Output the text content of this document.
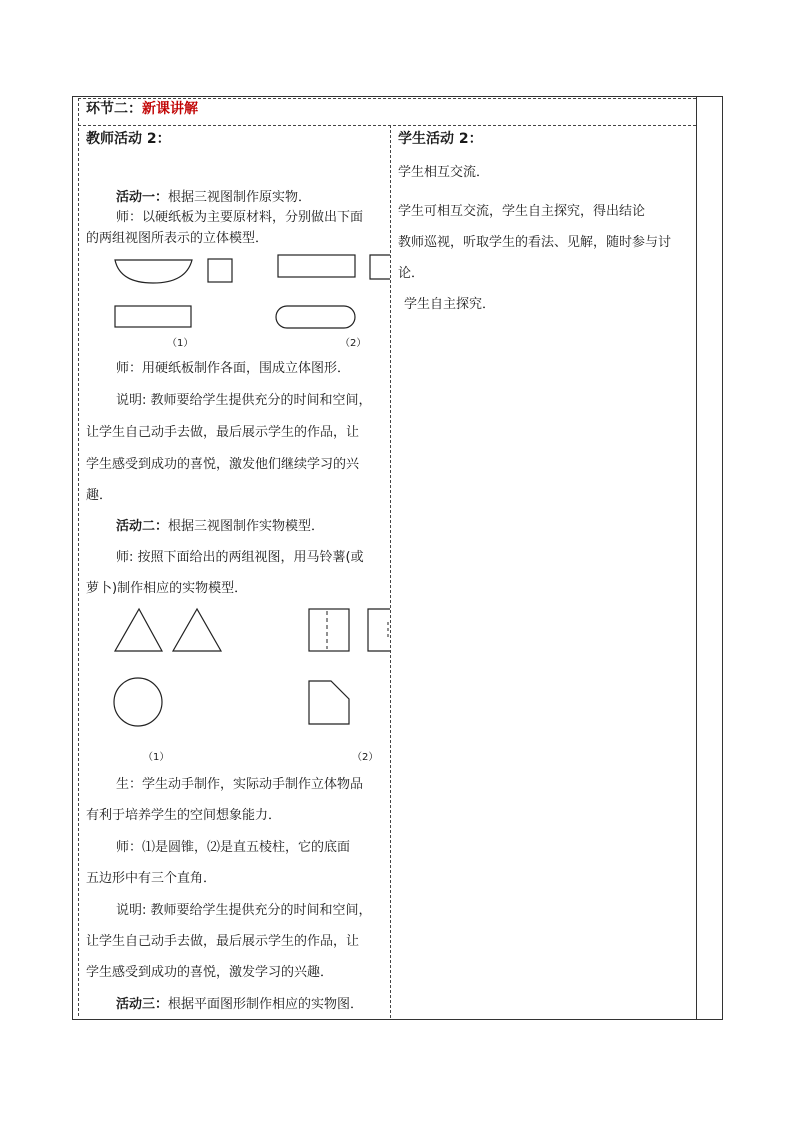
环节二：新课讲解
教师活动 2：
活动一：根据三视图制作原实物．
师：以硬纸板为主要原材料，分别做出下面
的两组视图所表示的立体模型．
（1）	（2）
师：用硬纸板制作各面，围成立体图形．
说明: 教师要给学生提供充分的时间和空间，
让学生自己动手去做，最后展示学生的作品，让
学生感受到成功的喜悦，激发他们继续学习的兴
趣．
活动二：根据三视图制作实物模型．
师: 按照下面给出的两组视图，用马铃薯(或
萝卜)制作相应的实物模型．
（1）	（2）
生：学生动手制作，实际动手制作立体物品
有利于培养学生的空间想象能力．
师：⑴是圆锥，⑵是直五棱柱，它的底面
五边形中有三个直角．
说明: 教师要给学生提供充分的时间和空间，
让学生自己动手去做，最后展示学生的作品，让
学生感受到成功的喜悦，激发学习的兴趣．
活动三：根据平面图形制作相应的实物图．
学生活动 2：
学生相互交流．
学生可相互交流，学生自主探究，得出结论
教师巡视，听取学生的看法、见解，随时参与讨
论．
学生自主探究．
